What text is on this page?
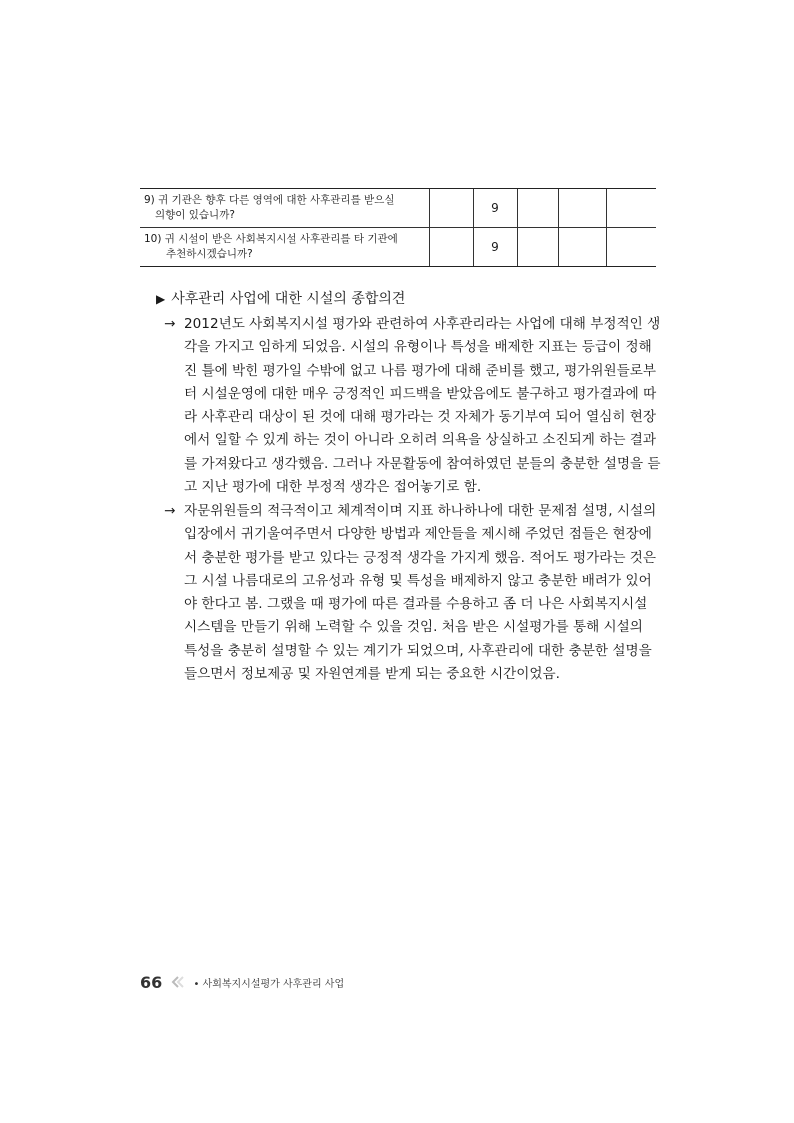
9) 귀 기관은 향후 다른 영역에 대한 사후관리를 받으실
의향이 있습니까?		9			
10) 귀 시설이 받은 사회복지시설 사후관리를 타 기관에
추천하시겠습니까?		9			
▶ 사후관리 사업에 대한 시설의 종합의견
→ 2012년도 사회복지시설 평가와 관련하여 사후관리라는 사업에 대해 부정적인 생
각을 가지고 임하게 되었음. 시설의 유형이나 특성을 배제한 지표는 등급이 정해
진 틀에 박힌 평가일 수밖에 없고 나름 평가에 대해 준비를 했고, 평가위원들로부
터 시설운영에 대한 매우 긍정적인 피드백을 받았음에도 불구하고 평가결과에 따
라 사후관리 대상이 된 것에 대해 평가라는 것 자체가 동기부여 되어 열심히 현장
에서 일할 수 있게 하는 것이 아니라 오히려 의욕을 상실하고 소진되게 하는 결과
를 가져왔다고 생각했음. 그러나 자문활동에 참여하였던 분들의 충분한 설명을 듣
고 지난 평가에 대한 부정적 생각은 접어놓기로 함.
→ 자문위원들의 적극적이고 체계적이며 지표 하나하나에 대한 문제점 설명, 시설의
입장에서 귀기울여주면서 다양한 방법과 제안들을 제시해 주었던 점들은 현장에
서 충분한 평가를 받고 있다는 긍정적 생각을 가지게 했음. 적어도 평가라는 것은
그 시설 나름대로의 고유성과 유형 및 특성을 배제하지 않고 충분한 배려가 있어
야 한다고 봄. 그랬을 때 평가에 따른 결과를 수용하고 좀 더 나은 사회복지시설
시스템을 만들기 위해 노력할 수 있을 것임. 처음 받은 시설평가를 통해 시설의
특성을 충분히 설명할 수 있는 계기가 되었으며, 사후관리에 대한 충분한 설명을
들으면서 정보제공 및 자원연계를 받게 되는 중요한 시간이었음.
66	• 사회복지시설평가 사후관리 사업
